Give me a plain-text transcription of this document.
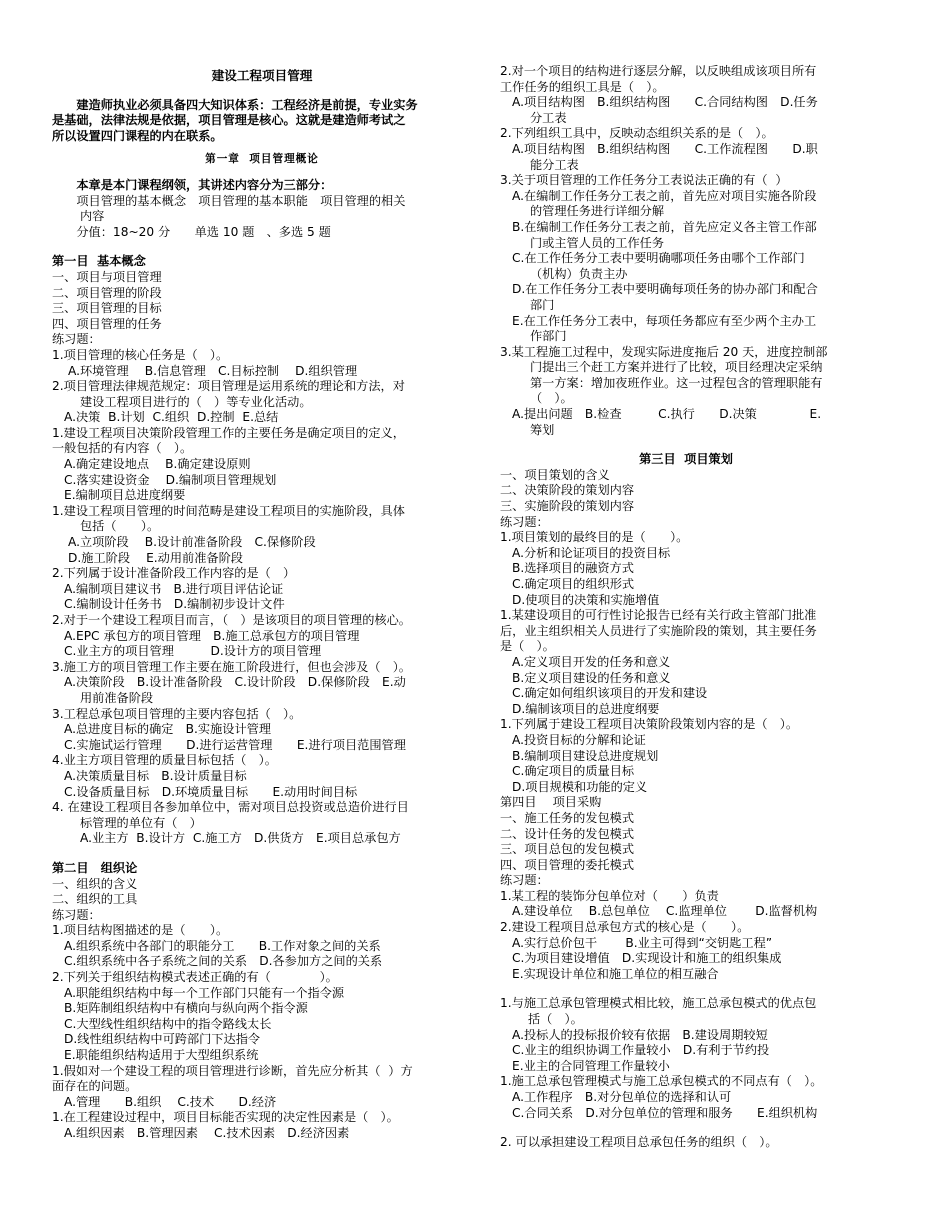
建设工程项目管理
　　建造师执业必须具备四大知识体系：工程经济是前提，专业实务
是基础，法律法规是依据，项目管理是核心。这就是建造师考试之
所以设置四门课程的内在联系。
第一章  项目管理概论
　　本章是本门课程纲领，其讲述内容分为三部分：
　　项目管理的基本概念　项目管理的基本职能　项目管理的相关
内容
　　分值：18~20 分　　单选 10 题　、多选 5 题
第一目  基本概念
一、项目与项目管理
二、项目管理的阶段
三、项目管理的目标
四、项目管理的任务
练习题：
1.项目管理的核心任务是（　）。
A.环境管理　 B.信息管理　C.目标控制　 D.组织管理
2.项目管理法律规范规定：项目管理是运用系统的理论和方法，对
建设工程项目进行的（　）等专业化活动。
A.决策  B.计划  C.组织  D.控制  E.总结
1.建设工程项目决策阶段管理工作的主要任务是确定项目的定义，
一般包括的有内容（　）。
A.确定建设地点　 B.确定建设原则
C.落实建设资金　 D.编制项目管理规划
E.编制项目总进度纲要
1.建设工程项目管理的时间范畴是建设工程项目的实施阶段，具体
包括（　　）。
A.立项阶段　 B.设计前准备阶段　C.保修阶段
D.施工阶段　 E.动用前准备阶段
2.下列属于设计准备阶段工作内容的是（　）
A.编制项目建议书　B.进行项目评估论证
C.编制设计任务书　D.编制初步设计文件
2.对于一个建设工程项目而言，（　）是该项目的项目管理的核心。
A.EPC 承包方的项目管理　B.施工总承包方的项目管理
C.业主方的项目管理　　　D.设计方的项目管理
3.施工方的项目管理工作主要在施工阶段进行，但也会涉及（　）。
A.决策阶段　B.设计准备阶段　C.设计阶段　D.保修阶段　E.动
用前准备阶段
3.工程总承包项目管理的主要内容包括（　）。
A.总进度目标的确定　B.实施设计管理
C.实施试运行管理　　D.进行运营管理　　E.进行项目范围管理
4.业主方项目管理的质量目标包括（　）。
A.决策质量目标　B.设计质量目标
C.设备质量目标　D.环境质量目标　　E.动用时间目标
4. 在建设工程项目各参加单位中，需对项目总投资或总造价进行目
标管理的单位有（　）
A.业主方  B.设计方  C.施工方　D.供货方　E.项目总承包方
第二目　组织论
一、组织的含义
二、组织的工具
练习题：
1.项目结构图描述的是（　　）。
A.组织系统中各部门的职能分工　　B.工作对象之间的关系
C.组织系统中各子系统之间的关系　D.各参加方之间的关系
2.下列关于组织结构模式表述正确的有（　　　　）。
A.职能组织结构中每一个工作部门只能有一个指令源
B.矩阵制组织结构中有横向与纵向两个指令源
C.大型线性组织结构中的指令路线太长
D.线性组织结构中可跨部门下达指令
E.职能组织结构适用于大型组织系统
1.假如对一个建设工程的项目管理进行诊断，首先应分析其（  ）方
面存在的问题。
A.管理　　B.组织　 C.技术　　D.经济
1.在工程建设过程中，项目目标能否实现的决定性因素是（　）。
A.组织因素　B.管理因素　 C.技术因素　D.经济因素
2.对一个项目的结构进行逐层分解，以反映组成该项目所有
工作任务的组织工具是（　）。
A.项目结构图　B.组织结构图　　C.合同结构图　D.任务
分工表
2.下列组织工具中，反映动态组织关系的是（　）。
A.项目结构图　B.组织结构图　　C.工作流程图　　D.职
能分工表
3.关于项目管理的工作任务分工表说法正确的有（  ）
A.在编制工作任务分工表之前，首先应对项目实施各阶段
的管理任务进行详细分解
B.在编制工作任务分工表之前，首先应定义各主管工作部
门或主管人员的工作任务
C.在工作任务分工表中要明确哪项任务由哪个工作部门
（机构）负责主办
D.在工作任务分工表中要明确每项任务的协办部门和配合
部门
E.在工作任务分工表中，每项任务都应有至少两个主办工
作部门
3.某工程施工过程中，发现实际进度拖后 20 天，进度控制部
门提出三个赶工方案并进行了比较，项目经理决定采纳
第一方案：增加夜班作业。这一过程包含的管理职能有
（　）。
A.提出问题　B.检查　　　C.执行　　D.决策　　　　 E.
筹划
第三目  项目策划
一、项目策划的含义
二、决策阶段的策划内容
三、实施阶段的策划内容
练习题：
1.项目策划的最终目的是（　　）。
A.分析和论证项目的投资目标
B.选择项目的融资方式
C.确定项目的组织形式
D.使项目的决策和实施增值
1.某建设项目的可行性讨论报告已经有关行政主管部门批准
后，业主组织相关人员进行了实施阶段的策划，其主要任务
是（　）。
A.定义项目开发的任务和意义
B.定义项目建设的任务和意义
C.确定如何组织该项目的开发和建设
D.编制该项目的总进度纲要
1.下列属于建设工程项目决策阶段策划内容的是（　）。
A.投资目标的分解和论证
B.编制项目建设总进度规划
C.确定项目的质量目标
D.项目规模和功能的定义
第四目　 项目采购
一、施工任务的发包模式
二、设计任务的发包模式
三、项目总包的发包模式
四、项目管理的委托模式
练习题：
1.某工程的装饰分包单位对（　　）负责
A.建设单位　 B.总包单位　 C.监理单位　　 D.监督机构
2.建设工程项目总承包方式的核心是（　　）。
A.实行总价包干　　 B.业主可得到“交钥匙工程”
C.为项目建设增值　D.实现设计和施工的组织集成
E.实现设计单位和施工单位的相互融合
1.与施工总承包管理模式相比较，施工总承包模式的优点包
括（　）。
A.投标人的投标报价较有依据　B.建设周期较短
C.业主的组织协调工作量较小　D.有利于节约投
E.业主的合同管理工作量较小
1.施工总承包管理模式与施工总承包模式的不同点有（　）。
A.工作程序　B.对分包单位的选择和认可
C.合同关系　D.对分包单位的管理和服务　　E.组织机构
2. 可以承担建设工程项目总承包任务的组织（　）。
